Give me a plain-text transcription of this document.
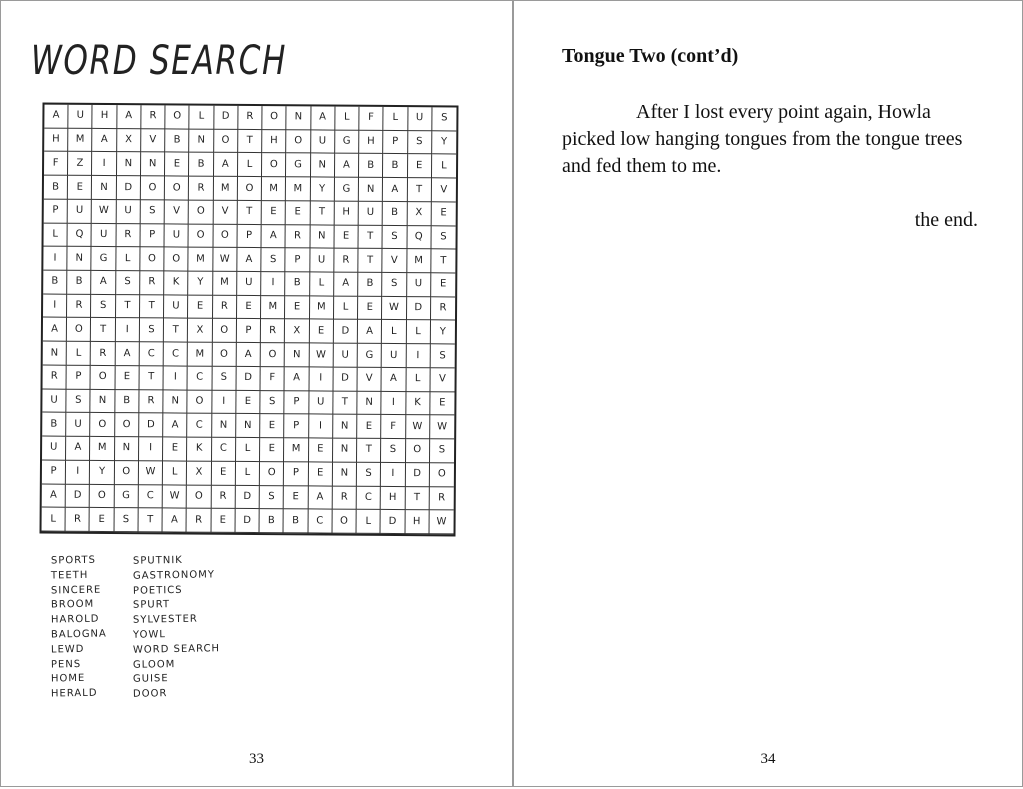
WORD SEARCH
A	U	H	A	R	O	L	D	R	O	N	A	L	F	L	U	S
H	M	A	X	V	B	N	O	T	H	O	U	G	H	P	S	Y
F	Z	I	N	N	E	B	A	L	O	G	N	A	B	B	E	L
B	E	N	D	O	O	R	M	O	M	M	Y	G	N	A	T	V
P	U	W	U	S	V	O	V	T	E	E	T	H	U	B	X	E
L	Q	U	R	P	U	O	O	P	A	R	N	E	T	S	Q	S
I	N	G	L	O	O	M	W	A	S	P	U	R	T	V	M	T
B	B	A	S	R	K	Y	M	U	I	B	L	A	B	S	U	E
I	R	S	T	T	U	E	R	E	M	E	M	L	E	W	D	R
A	O	T	I	S	T	X	O	P	R	X	E	D	A	L	L	Y
N	L	R	A	C	C	M	O	A	O	N	W	U	G	U	I	S
R	P	O	E	T	I	C	S	D	F	A	I	D	V	A	L	V
U	S	N	B	R	N	O	I	E	S	P	U	T	N	I	K	E
B	U	O	O	D	A	C	N	N	E	P	I	N	E	F	W	W
U	A	M	N	I	E	K	C	L	E	M	E	N	T	S	O	S
P	I	Y	O	W	L	X	E	L	O	P	E	N	S	I	D	O
A	D	O	G	C	W	O	R	D	S	E	A	R	C	H	T	R
L	R	E	S	T	A	R	E	D	B	B	C	O	L	D	H	W
SPORTS
TEETH
SINCERE
BROOM
HAROLD
BALOGNA
LEWD
PENS
HOME
HERALD
SPUTNIK
GASTRONOMY
POETICS
SPURT
SYLVESTER
YOWL
WORD SEARCH
GLOOM
GUISE
DOOR
33
Tongue Two (cont’d)

After I lost every point again, Howla picked low hanging tongues from the tongue trees and fed them to me.

the end.
34
